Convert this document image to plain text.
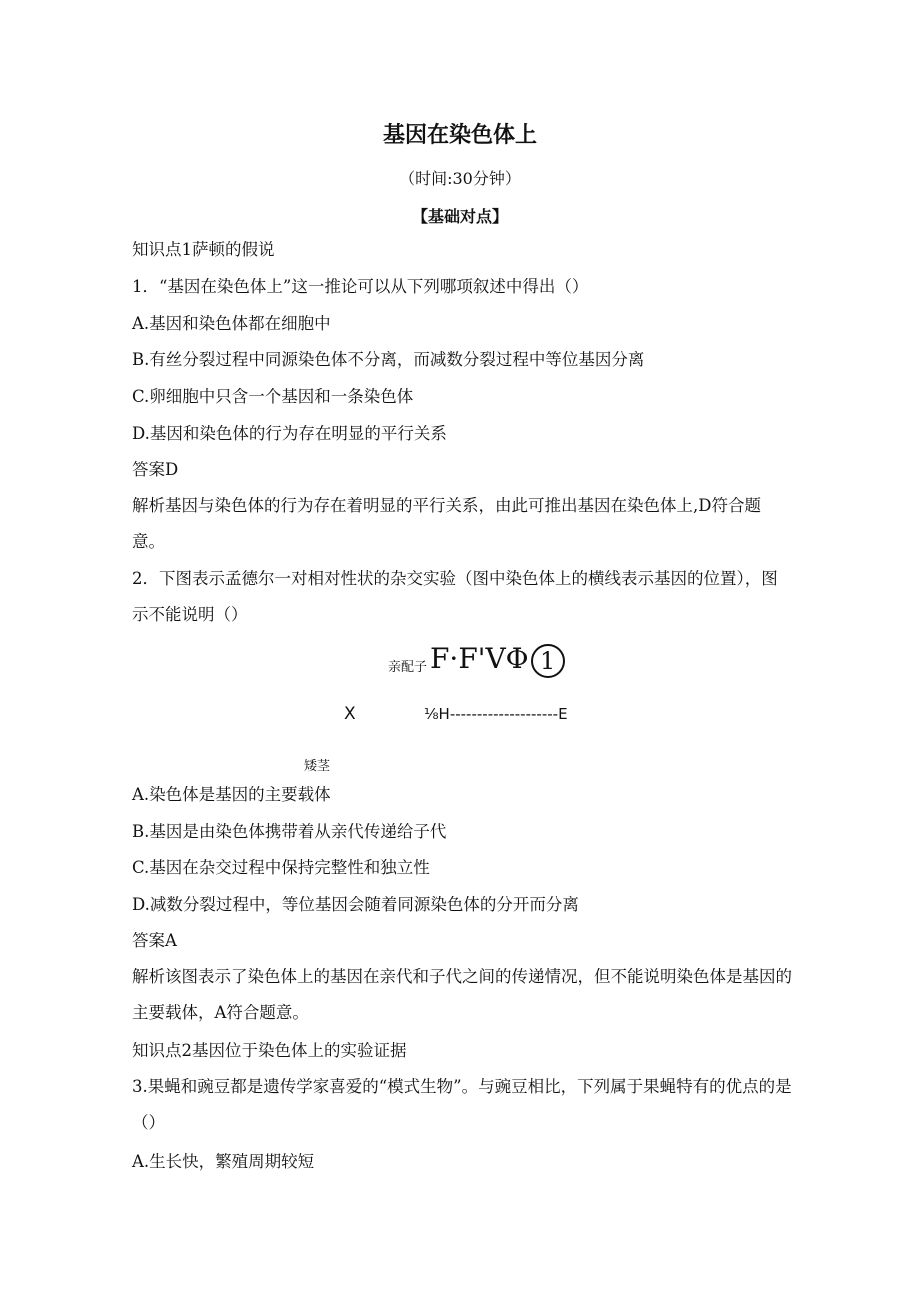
基因在染色体上
（时间:30分钟）
【基础对点】
知识点1萨顿的假说
1．“基因在染色体上”这一推论可以从下列哪项叙述中得出（）
A.基因和染色体都在细胞中
B.有丝分裂过程中同源染色体不分离，而减数分裂过程中等位基因分离
C.卵细胞中只含一个基因和一条染色体
D.基因和染色体的行为存在明显的平行关系
答案D
解析基因与染色体的行为存在着明显的平行关系，由此可推出基因在染色体上,D符合题意。
2．下图表示孟德尔一对相对性状的杂交实验（图中染色体上的横线表示基因的位置），图示不能说明（）
亲配子 F·F'VΦ 1
X	⅛H--------------------E
矮茎
A.染色体是基因的主要载体
B.基因是由染色体携带着从亲代传递给子代
C.基因在杂交过程中保持完整性和独立性
D.减数分裂过程中，等位基因会随着同源染色体的分开而分离
答案A
解析该图表示了染色体上的基因在亲代和子代之间的传递情况，但不能说明染色体是基因的主要载体，A符合题意。
知识点2基因位于染色体上的实验证据
3.果蝇和豌豆都是遗传学家喜爱的“模式生物”。与豌豆相比，下列属于果蝇特有的优点的是（）
A.生长快，繁殖周期较短
